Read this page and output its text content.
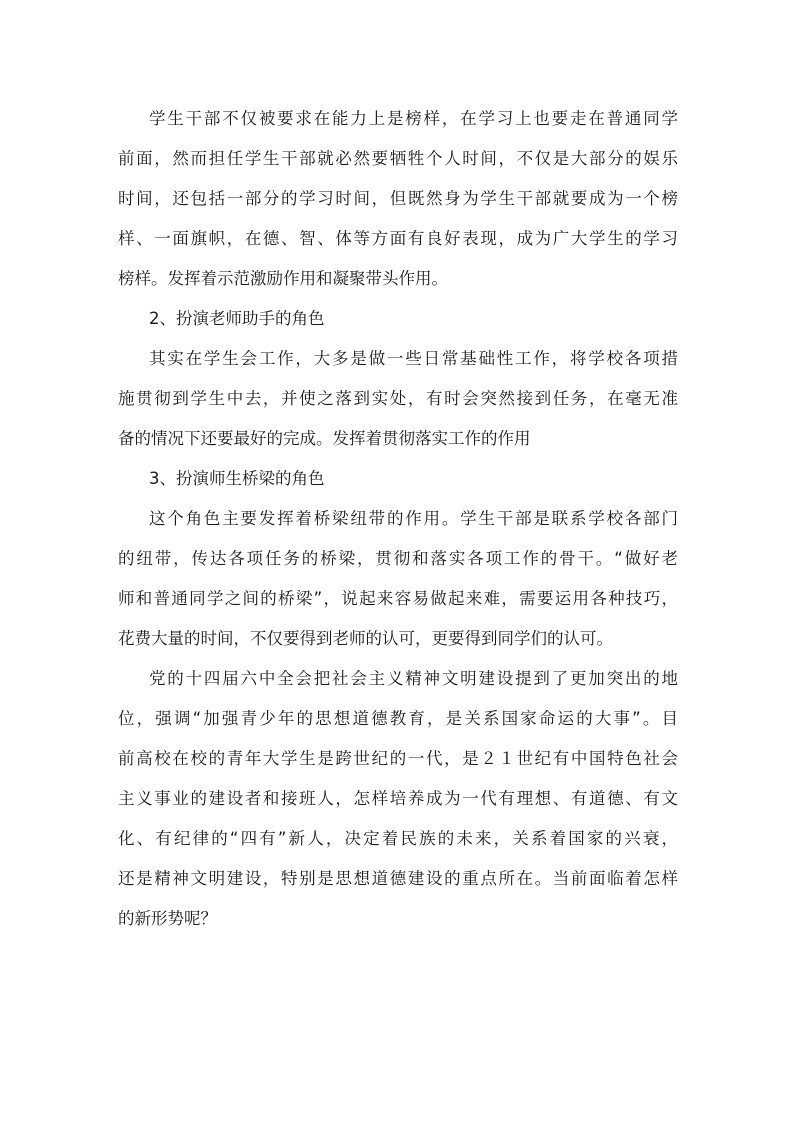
学生干部不仅被要求在能力上是榜样，在学习上也要走在普通同学
前面，然而担任学生干部就必然要牺牲个人时间，不仅是大部分的娱乐
时间，还包括一部分的学习时间，但既然身为学生干部就要成为一个榜
样、一面旗帜，在德、智、体等方面有良好表现，成为广大学生的学习
榜样。发挥着示范激励作用和凝聚带头作用。
2、扮演老师助手的角色
其实在学生会工作，大多是做一些日常基础性工作，将学校各项措
施贯彻到学生中去，并使之落到实处，有时会突然接到任务，在毫无准
备的情况下还要最好的完成。发挥着贯彻落实工作的作用
3、扮演师生桥梁的角色
这个角色主要发挥着桥梁纽带的作用。学生干部是联系学校各部门
的纽带，传达各项任务的桥梁，贯彻和落实各项工作的骨干。“做好老
师和普通同学之间的桥梁”，说起来容易做起来难，需要运用各种技巧，
花费大量的时间，不仅要得到老师的认可，更要得到同学们的认可。
党的十四届六中全会把社会主义精神文明建设提到了更加突出的地
位，强调“加强青少年的思想道德教育，是关系国家命运的大事”。目
前高校在校的青年大学生是跨世纪的一代，是２１世纪有中国特色社会
主义事业的建设者和接班人，怎样培养成为一代有理想、有道德、有文
化、有纪律的“四有”新人，决定着民族的未来，关系着国家的兴衰，
还是精神文明建设，特别是思想道德建设的重点所在。当前面临着怎样
的新形势呢？
